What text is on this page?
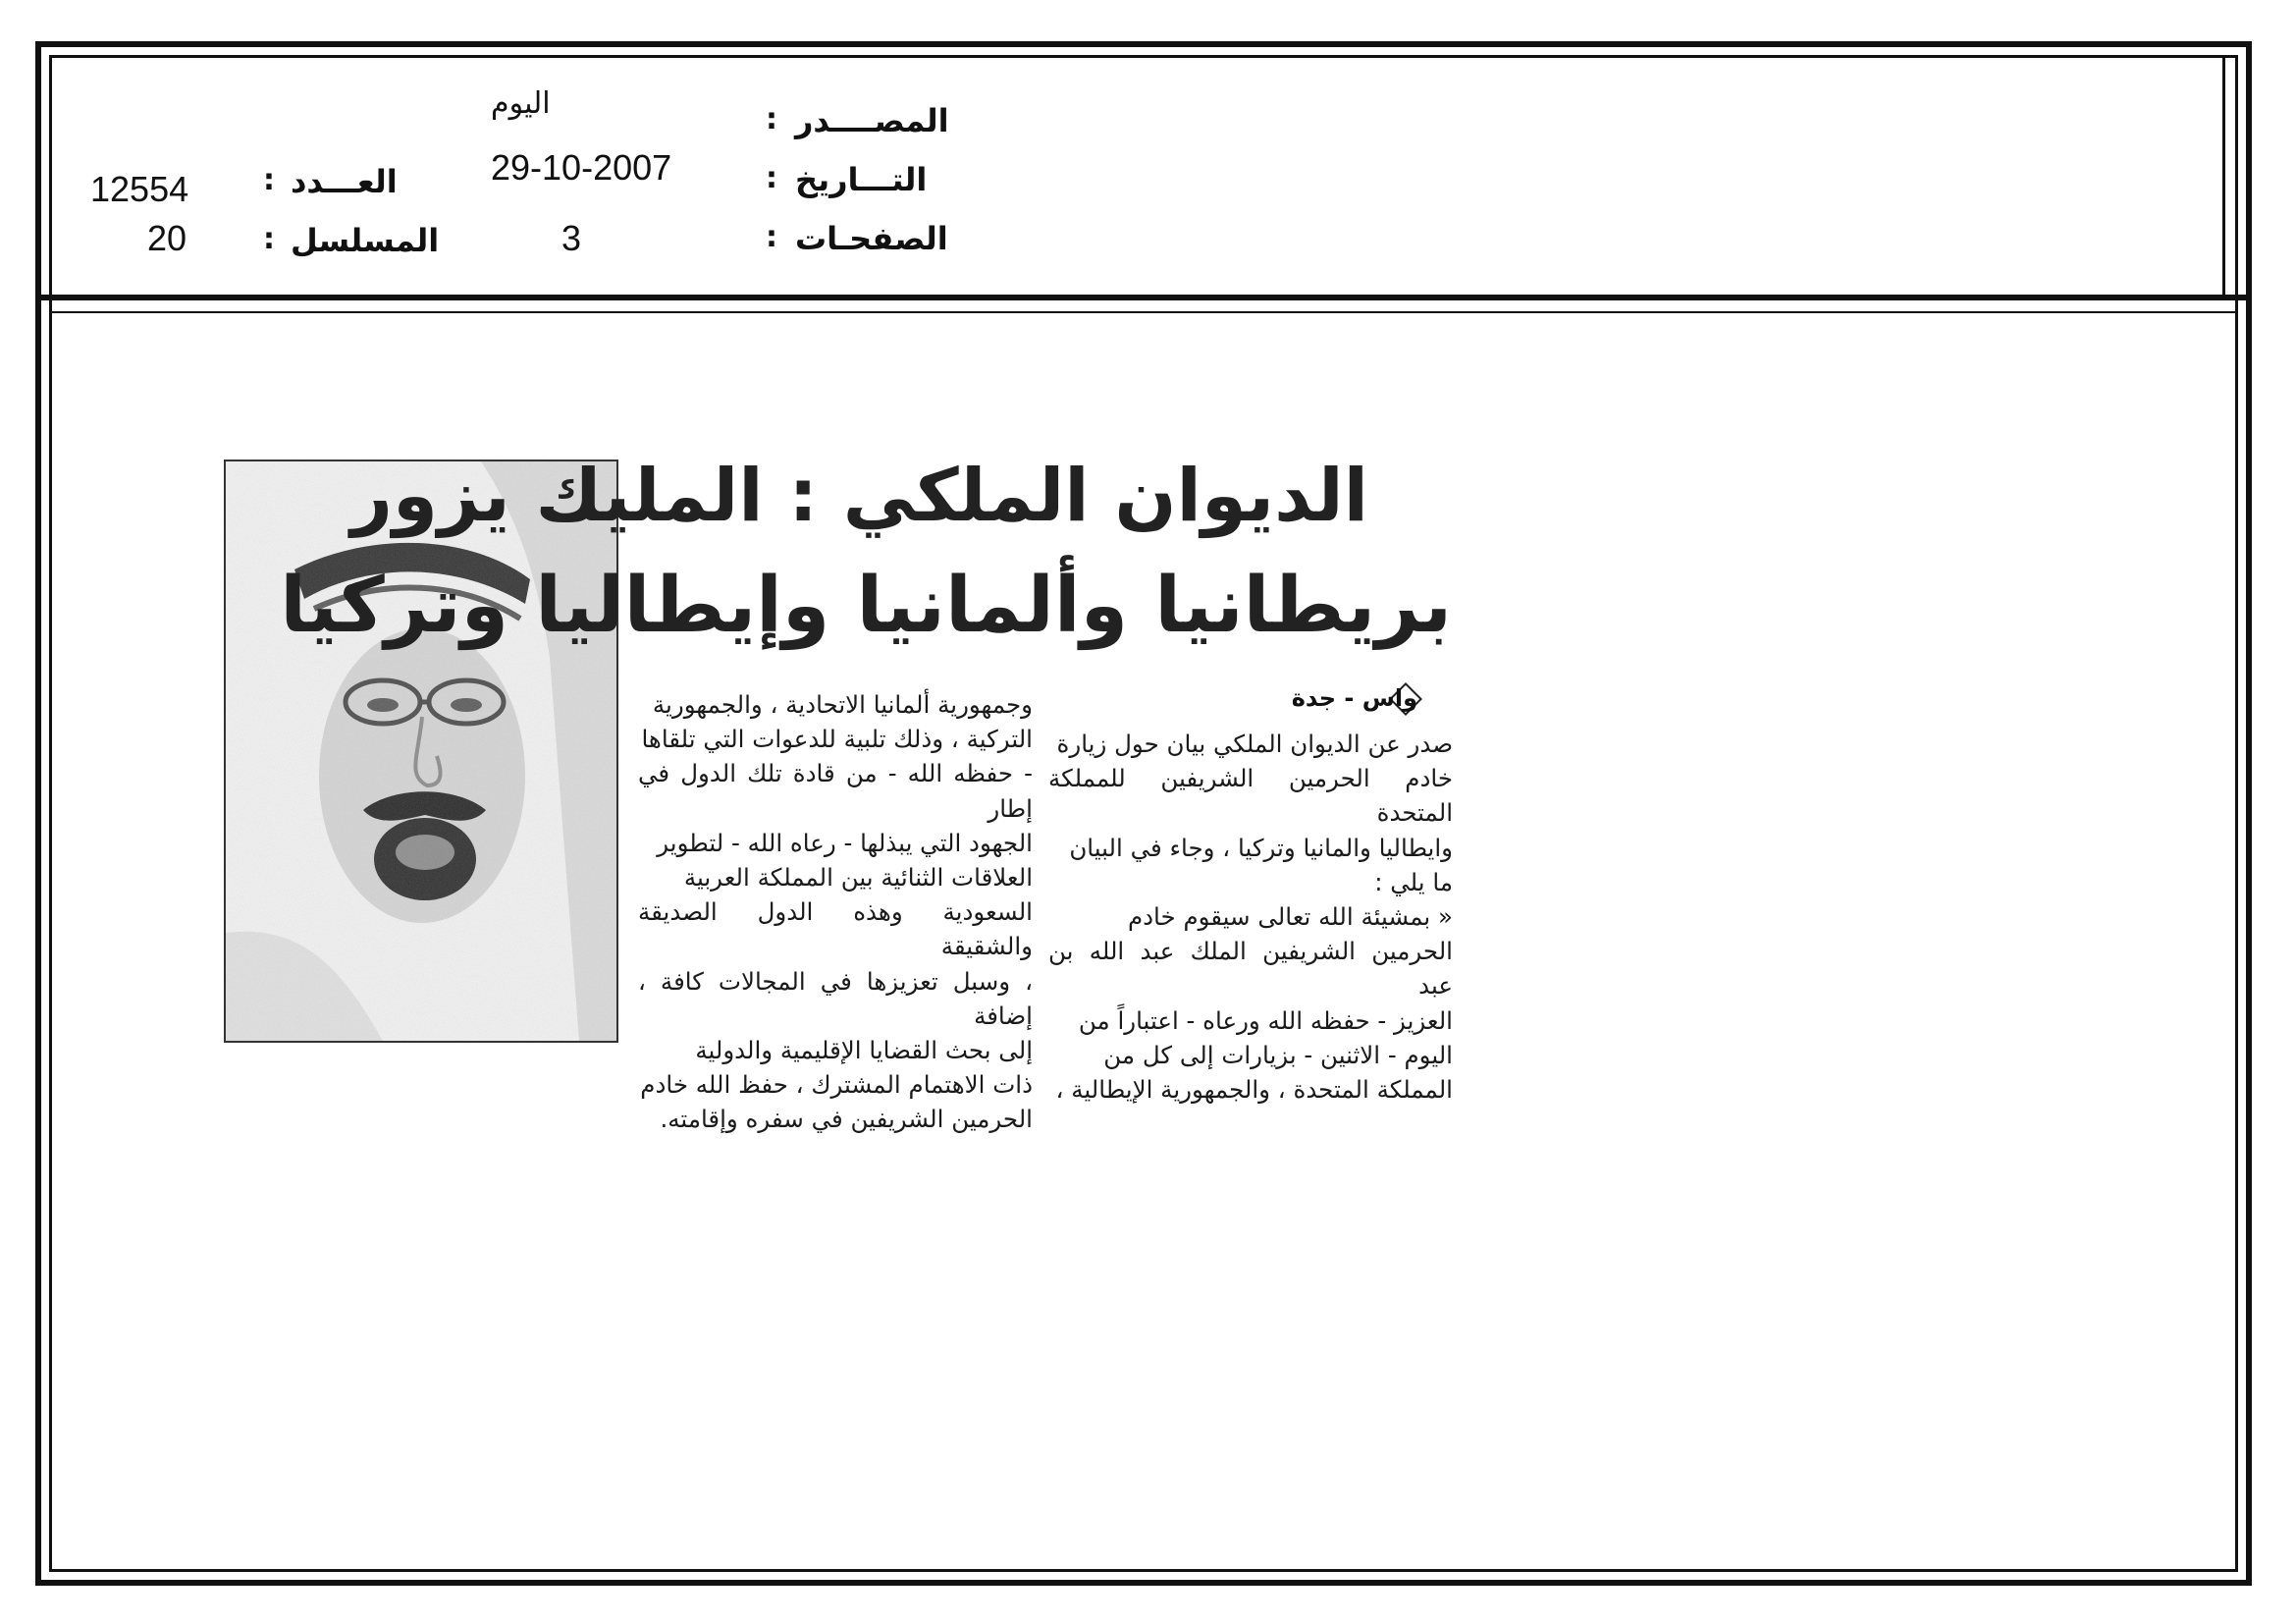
اليوم	المصــــدر
:
29-10-2007	التـــاريخ
:
3	الصفحـات
:
12554	العـــدد
:
20	المسلسل
:
الديوان الملكي : المليك يزور
بريطانيا وألمانيا وإيطاليا وتركيا
واس - جدة

صدر عن الديوان الملكي بيان حول زيارة

خادم الحرمين الشريفين للمملكة المتحدة

وايطاليا والمانيا وتركيا ، وجاء في البيان

ما يلي :

« بمشيئة الله تعالى سيقوم خادم

الحرمين الشريفين الملك عبد الله بن عبد

العزيز - حفظه الله ورعاه - اعتباراً من

اليوم - الاثنين - بزيارات إلى كل من

المملكة المتحدة ، والجمهورية الإيطالية ،

وجمهورية ألمانيا الاتحادية ، والجمهورية

التركية ، وذلك تلبية للدعوات التي تلقاها

- حفظه الله - من قادة تلك الدول في إطار

الجهود التي يبذلها - رعاه الله - لتطوير

العلاقات الثنائية بين المملكة العربية

السعودية وهذه الدول الصديقة والشقيقة

، وسبل تعزيزها في المجالات كافة ، إضافة

إلى بحث القضايا الإقليمية والدولية

ذات الاهتمام المشترك ، حفظ الله خادم

الحرمين الشريفين في سفره وإقامته.
